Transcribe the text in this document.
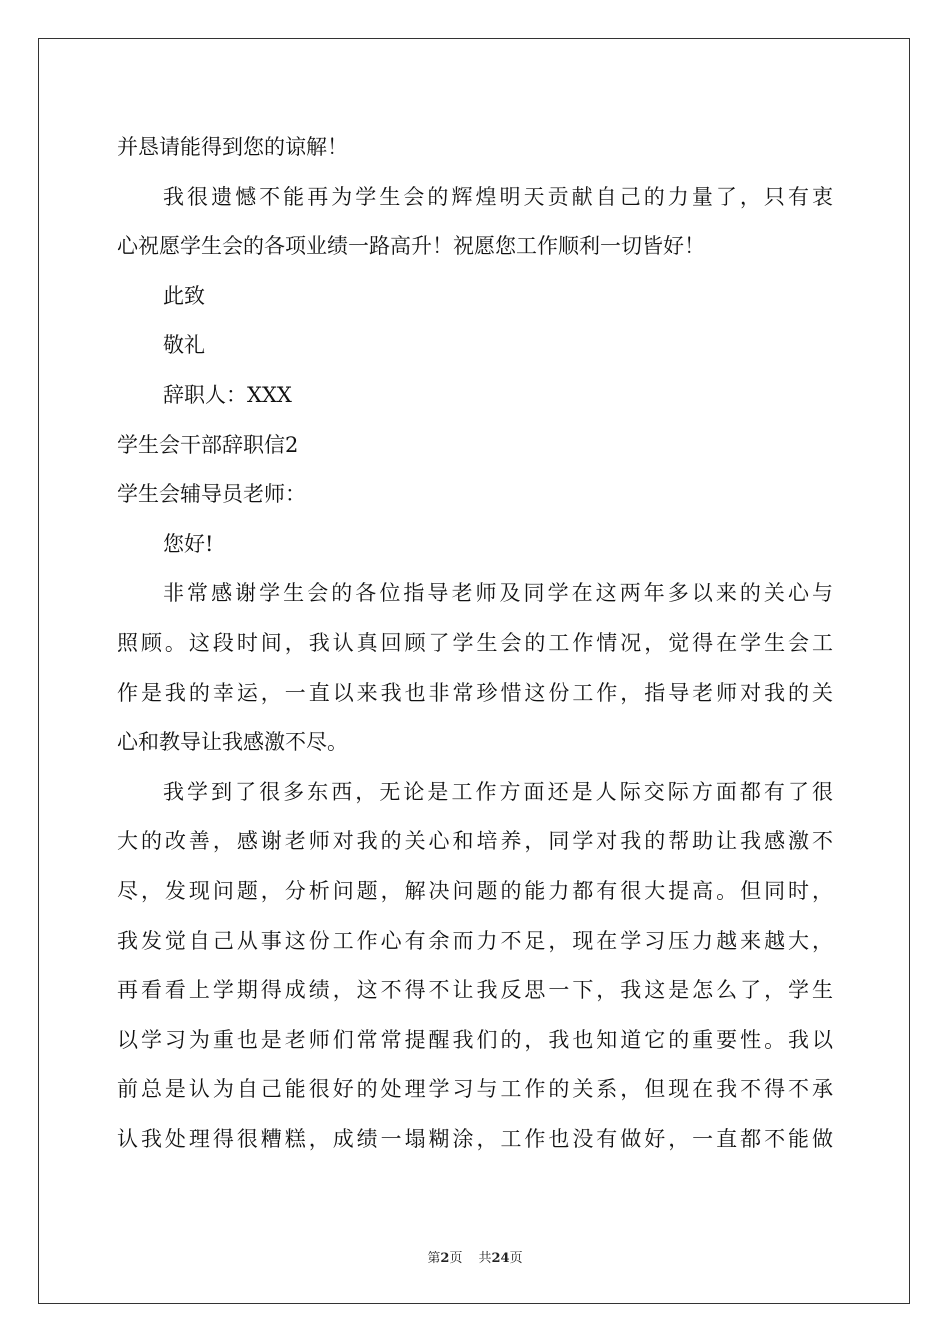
并恳请能得到您的谅解！
我很遗憾不能再为学生会的辉煌明天贡献自己的力量了，只有衷
心祝愿学生会的各项业绩一路高升！祝愿您工作顺利一切皆好！
此致
敬礼
辞职人：XXX
学生会干部辞职信2
学生会辅导员老师：
您好!
非常感谢学生会的各位指导老师及同学在这两年多以来的关心与
照顾。这段时间，我认真回顾了学生会的工作情况，觉得在学生会工
作是我的幸运，一直以来我也非常珍惜这份工作，指导老师对我的关
心和教导让我感激不尽。
我学到了很多东西，无论是工作方面还是人际交际方面都有了很
大的改善，感谢老师对我的关心和培养，同学对我的帮助让我感激不
尽，发现问题，分析问题，解决问题的能力都有很大提高。但同时，
我发觉自己从事这份工作心有余而力不足，现在学习压力越来越大，
再看看上学期得成绩，这不得不让我反思一下，我这是怎么了，学生
以学习为重也是老师们常常提醒我们的，我也知道它的重要性。我以
前总是认为自己能很好的处理学习与工作的关系，但现在我不得不承
认我处理得很糟糕，成绩一塌糊涂，工作也没有做好，一直都不能做
第2页 共24页
